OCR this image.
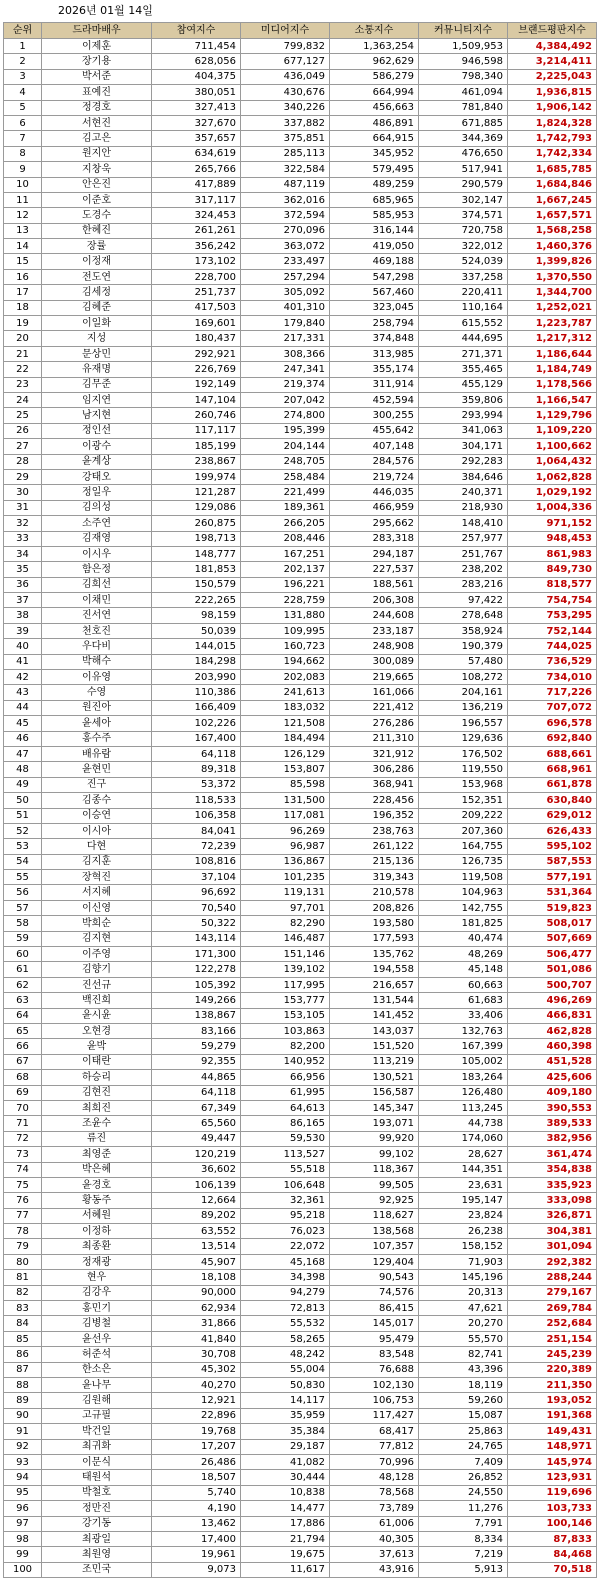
2026년 01월 14일
순위	드라마배우	참여지수	미디어지수	소통지수	커뮤니티지수	브랜드평판지수
1	이제훈	711,454	799,832	1,363,254	1,509,953	4,384,492
2	장기용	628,056	677,127	962,629	946,598	3,214,411
3	박서준	404,375	436,049	586,279	798,340	2,225,043
4	표예진	380,051	430,676	664,994	461,094	1,936,815
5	정경호	327,413	340,226	456,663	781,840	1,906,142
6	서현진	327,670	337,882	486,891	671,885	1,824,328
7	김고은	357,657	375,851	664,915	344,369	1,742,793
8	원지안	634,619	285,113	345,952	476,650	1,742,334
9	지창욱	265,766	322,584	579,495	517,941	1,685,785
10	안은진	417,889	487,119	489,259	290,579	1,684,846
11	이준호	317,117	362,016	685,965	302,147	1,667,245
12	도경수	324,453	372,594	585,953	374,571	1,657,571
13	한혜진	261,261	270,096	316,144	720,758	1,568,258
14	장률	356,242	363,072	419,050	322,012	1,460,376
15	이정재	173,102	233,497	469,188	524,039	1,399,826
16	전도연	228,700	257,294	547,298	337,258	1,370,550
17	김세정	251,737	305,092	567,460	220,411	1,344,700
18	김혜준	417,503	401,310	323,045	110,164	1,252,021
19	이일화	169,601	179,840	258,794	615,552	1,223,787
20	지성	180,437	217,331	374,848	444,695	1,217,312
21	문상민	292,921	308,366	313,985	271,371	1,186,644
22	유재명	226,769	247,341	355,174	355,465	1,184,749
23	김무준	192,149	219,374	311,914	455,129	1,178,566
24	임지연	147,104	207,042	452,594	359,806	1,166,547
25	남지현	260,746	274,800	300,255	293,994	1,129,796
26	정인선	117,117	195,399	455,642	341,063	1,109,220
27	이광수	185,199	204,144	407,148	304,171	1,100,662
28	윤계상	238,867	248,705	284,576	292,283	1,064,432
29	강태오	199,974	258,484	219,724	384,646	1,062,828
30	정일우	121,287	221,499	446,035	240,371	1,029,192
31	김의성	129,086	189,361	466,959	218,930	1,004,336
32	소주연	260,875	266,205	295,662	148,410	971,152
33	김재영	198,713	208,446	283,318	257,977	948,453
34	이시우	148,777	167,251	294,187	251,767	861,983
35	함은정	181,853	202,137	227,537	238,202	849,730
36	김희선	150,579	196,221	188,561	283,216	818,577
37	이채민	222,265	228,759	206,308	97,422	754,754
38	진서연	98,159	131,880	244,608	278,648	753,295
39	천호진	50,039	109,995	233,187	358,924	752,144
40	우다비	144,015	160,723	248,908	190,379	744,025
41	박해수	184,298	194,662	300,089	57,480	736,529
42	이유영	203,990	202,083	219,665	108,272	734,010
43	수영	110,386	241,613	161,066	204,161	717,226
44	원진아	166,409	183,032	221,412	136,219	707,072
45	윤세아	102,226	121,508	276,286	196,557	696,578
46	홍수주	167,400	184,494	211,310	129,636	692,840
47	배유람	64,118	126,129	321,912	176,502	688,661
48	윤현민	89,318	153,807	306,286	119,550	668,961
49	진구	53,372	85,598	368,941	153,968	661,878
50	김종수	118,533	131,500	228,456	152,351	630,840
51	이승연	106,358	117,081	196,352	209,222	629,012
52	이시아	84,041	96,269	238,763	207,360	626,433
53	다현	72,239	96,987	261,122	164,755	595,102
54	김지훈	108,816	136,867	215,136	126,735	587,553
55	장혁진	37,104	101,235	319,343	119,508	577,191
56	서지혜	96,692	119,131	210,578	104,963	531,364
57	이신영	70,540	97,701	208,826	142,755	519,823
58	박희순	50,322	82,290	193,580	181,825	508,017
59	김지현	143,114	146,487	177,593	40,474	507,669
60	이주영	171,300	151,146	135,762	48,269	506,477
61	김향기	122,278	139,102	194,558	45,148	501,086
62	진선규	105,392	117,995	216,657	60,663	500,707
63	백진희	149,266	153,777	131,544	61,683	496,269
64	윤시윤	138,867	153,105	141,452	33,406	466,831
65	오현경	83,166	103,863	143,037	132,763	462,828
66	윤박	59,279	82,200	151,520	167,399	460,398
67	이태란	92,355	140,952	113,219	105,002	451,528
68	하승리	44,865	66,956	130,521	183,264	425,606
69	김현진	64,118	61,995	156,587	126,480	409,180
70	최희진	67,349	64,613	145,347	113,245	390,553
71	조윤수	65,560	86,165	193,071	44,738	389,533
72	류진	49,447	59,530	99,920	174,060	382,956
73	최영준	120,219	113,527	99,102	28,627	361,474
74	박은혜	36,602	55,518	118,367	144,351	354,838
75	윤경호	106,139	106,648	99,505	23,631	335,923
76	황동주	12,664	32,361	92,925	195,147	333,098
77	서혜원	89,202	95,218	118,627	23,824	326,871
78	이정하	63,552	76,023	138,568	26,238	304,381
79	최종환	13,514	22,072	107,357	158,152	301,094
80	정재광	45,907	45,168	129,404	71,903	292,382
81	현우	18,108	34,398	90,543	145,196	288,244
82	김강우	90,000	94,279	74,576	20,313	279,167
83	홍민기	62,934	72,813	86,415	47,621	269,784
84	김병철	31,866	55,532	145,017	20,270	252,684
85	윤선우	41,840	58,265	95,479	55,570	251,154
86	허준석	30,708	48,242	83,548	82,741	245,239
87	한소은	45,302	55,004	76,688	43,396	220,389
88	윤나무	40,270	50,830	102,130	18,119	211,350
89	김원해	12,921	14,117	106,753	59,260	193,052
90	고규필	22,896	35,959	117,427	15,087	191,368
91	박건일	19,768	35,384	68,417	25,863	149,431
92	최귀화	17,207	29,187	77,812	24,765	148,971
93	이문식	26,486	41,082	70,996	7,409	145,974
94	태원석	18,507	30,444	48,128	26,852	123,931
95	박철호	5,740	10,838	78,568	24,550	119,696
96	정만진	4,190	14,477	73,789	11,276	103,733
97	강기동	13,462	17,886	61,006	7,791	100,146
98	최광일	17,400	21,794	40,305	8,334	87,833
99	최원영	19,961	19,675	37,613	7,219	84,468
100	조민국	9,073	11,617	43,916	5,913	70,518
